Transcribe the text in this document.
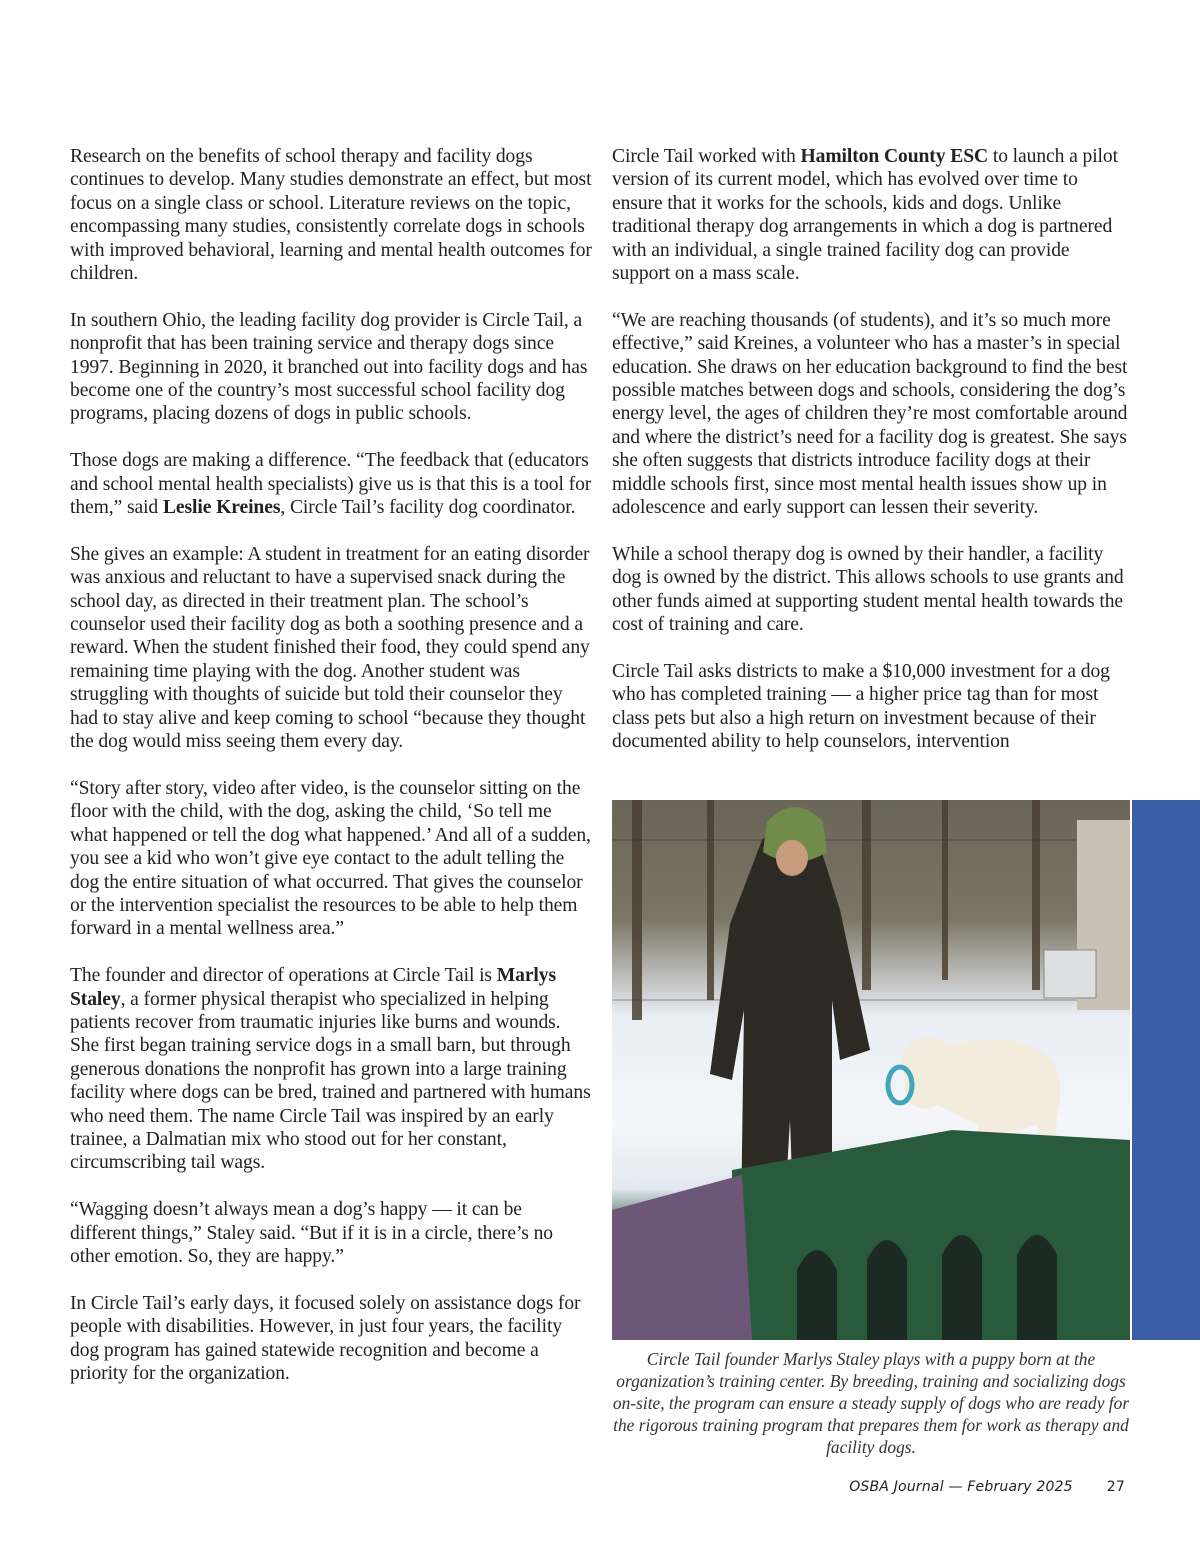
Research on the benefits of school therapy and facility dogs continues to develop. Many studies demonstrate an effect, but most focus on a single class or school. Literature reviews on the topic, encompassing many studies, consistently correlate dogs in schools with improved behavioral, learning and mental health outcomes for children.

In southern Ohio, the leading facility dog provider is Circle Tail, a nonprofit that has been training service and therapy dogs since 1997. Beginning in 2020, it branched out into facility dogs and has become one of the country’s most successful school facility dog programs, placing dozens of dogs in public schools.

Those dogs are making a difference. “The feedback that (educators and school mental health specialists) give us is that this is a tool for them,” said Leslie Kreines, Circle Tail’s facility dog coordinator.

She gives an example: A student in treatment for an eating disorder was anxious and reluctant to have a supervised snack during the school day, as directed in their treatment plan. The school’s counselor used their facility dog as both a soothing presence and a reward. When the student finished their food, they could spend any remaining time playing with the dog. Another student was struggling with thoughts of suicide but told their counselor they had to stay alive and keep coming to school “because they thought the dog would miss seeing them every day.

“Story after story, video after video, is the counselor sitting on the floor with the child, with the dog, asking the child, ‘So tell me what happened or tell the dog what happened.’ And all of a sudden, you see a kid who won’t give eye contact to the adult telling the dog the entire situation of what occurred. That gives the counselor or the intervention specialist the resources to be able to help them forward in a mental wellness area.”

The founder and director of operations at Circle Tail is Marlys Staley, a former physical therapist who specialized in helping patients recover from traumatic injuries like burns and wounds. She first began training service dogs in a small barn, but through generous donations the nonprofit has grown into a large training facility where dogs can be bred, trained and partnered with humans who need them. The name Circle Tail was inspired by an early trainee, a Dalmatian mix who stood out for her constant, circumscribing tail wags.

“Wagging doesn’t always mean a dog’s happy — it can be different things,” Staley said. “But if it is in a circle, there’s no other emotion. So, they are happy.”

In Circle Tail’s early days, it focused solely on assistance dogs for people with disabilities. However, in just four years, the facility dog program has gained statewide recognition and become a priority for the organization.

Circle Tail worked with Hamilton County ESC to launch a pilot version of its current model, which has evolved over time to ensure that it works for the schools, kids and dogs. Unlike traditional therapy dog arrangements in which a dog is partnered with an individual, a single trained facility dog can provide support on a mass scale.

“We are reaching thousands (of students), and it’s so much more effective,” said Kreines, a volunteer who has a master’s in special education. She draws on her education background to find the best possible matches between dogs and schools, considering the dog’s energy level, the ages of children they’re most comfortable around and where the district’s need for a facility dog is greatest. She says she often suggests that districts introduce facility dogs at their middle schools first, since most mental health issues show up in adolescence and early support can lessen their severity.

While a school therapy dog is owned by their handler, a facility dog is owned by the district. This allows schools to use grants and other funds aimed at supporting student mental health towards the cost of training and care.

Circle Tail asks districts to make a $10,000 investment for a dog who has completed training — a higher price tag than for most class pets but also a high return on investment because of their documented ability to help counselors, intervention

Circle Tail founder Marlys Staley plays with a puppy born at the organization’s training center. By breeding, training and socializing dogs on-site, the program can ensure a steady supply of dogs who are ready for the rigorous training program that prepares them for work as therapy and facility dogs.
OSBA Journal — February 2025 27
